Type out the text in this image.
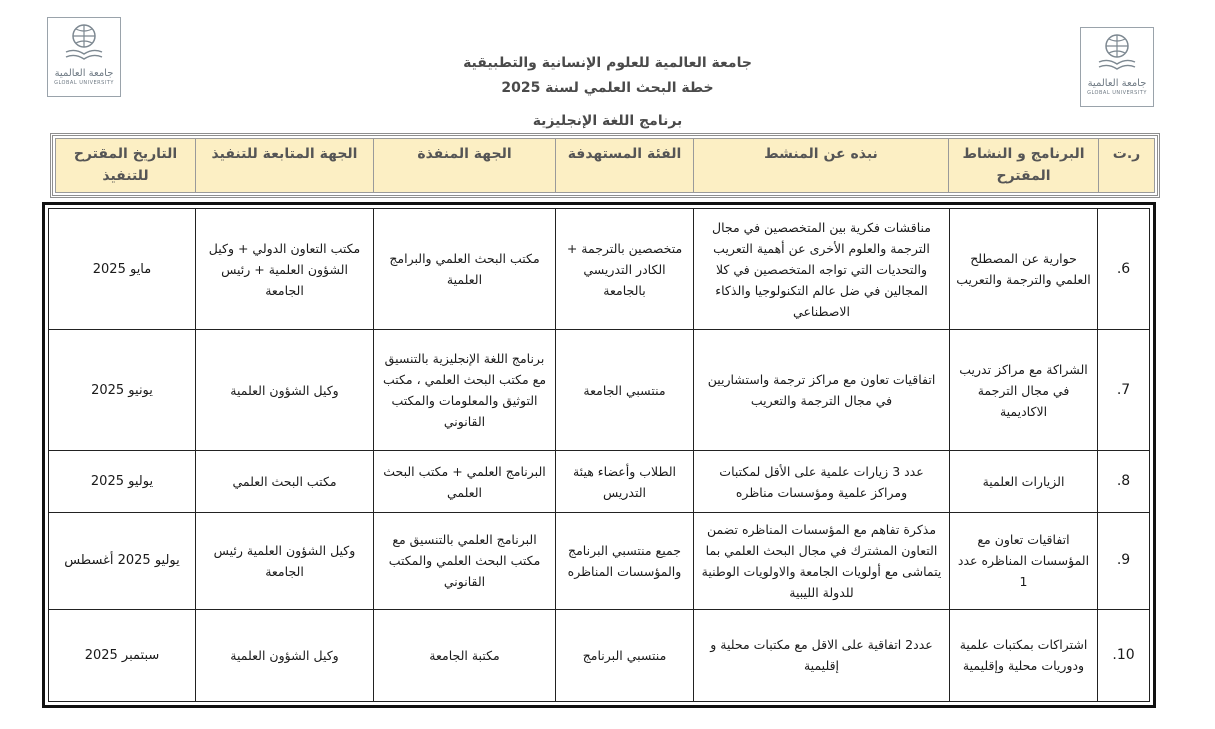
جامعة العالمية
GLOBAL UNIVERSITY	جامعة العالمية
GLOBAL UNIVERSITY
جامعة العالمية للعلوم الإنسانية والتطبيقية
خطة البحث العلمي لسنة 2025
برنامج اللغة الإنجليزية
ر.ت	البرنامج و النشاط المقترح	نبذه عن المنشط	الفئة المستهدفة	الجهة المنفذة	الجهة المتابعة للتنفيذ	التاريخ المقترح للتنفيذ
6.	حوارية عن المصطلح العلمي والترجمة والتعريب	مناقشات فكرية بين المتخصصين في مجال الترجمة والعلوم الأخرى عن أهمية التعريب والتحديات التي تواجه المتخصصين في كلا المجالين في ضل عالم التكنولوجيا والذكاء الاصطناعي	متخصصين بالترجمة + الكادر التدريسي بالجامعة	مكتب البحث العلمي والبرامج العلمية	مكتب التعاون الدولي + وكيل الشؤون العلمية + رئيس الجامعة	مايو 2025
7.	الشراكة مع مراكز تدريب في مجال الترجمة الاكاديمية	اتفاقيات تعاون مع مراكز ترجمة واستشاريين في مجال الترجمة والتعريب	منتسبي الجامعة	برنامج اللغة الإنجليزية بالتنسيق مع مكتب البحث العلمي ، مكتب التوثيق والمعلومات والمكتب القانوني	وكيل الشؤون العلمية	يونيو 2025
8.	الزيارات العلمية	عدد 3 زيارات علمية على الأقل لمكتبات ومراكز علمية ومؤسسات مناظره	الطلاب وأعضاء هيئة التدريس	البرنامج العلمي + مكتب البحث العلمي	مكتب البحث العلمي	يوليو 2025
9.	اتفاقيات تعاون مع المؤسسات المناظره عدد 1	مذكرة تفاهم مع المؤسسات المناظره تضمن التعاون المشترك في مجال البحث العلمي بما يتماشى مع أولويات الجامعة والاولويات الوطنية للدولة الليبية	جميع منتسبي البرنامج والمؤسسات المناظره	البرنامج العلمي بالتنسيق مع مكتب البحث العلمي والمكتب القانوني	وكيل الشؤون العلمية رئيس الجامعة	يوليو 2025 أغسطس
10.	اشتراكات بمكتبات علمية ودوريات محلية وإقليمية	عدد2 اتفاقية على الاقل مع مكتبات محلية و إقليمية	منتسبي البرنامج	مكتبة الجامعة	وكيل الشؤون العلمية	سبتمبر 2025
